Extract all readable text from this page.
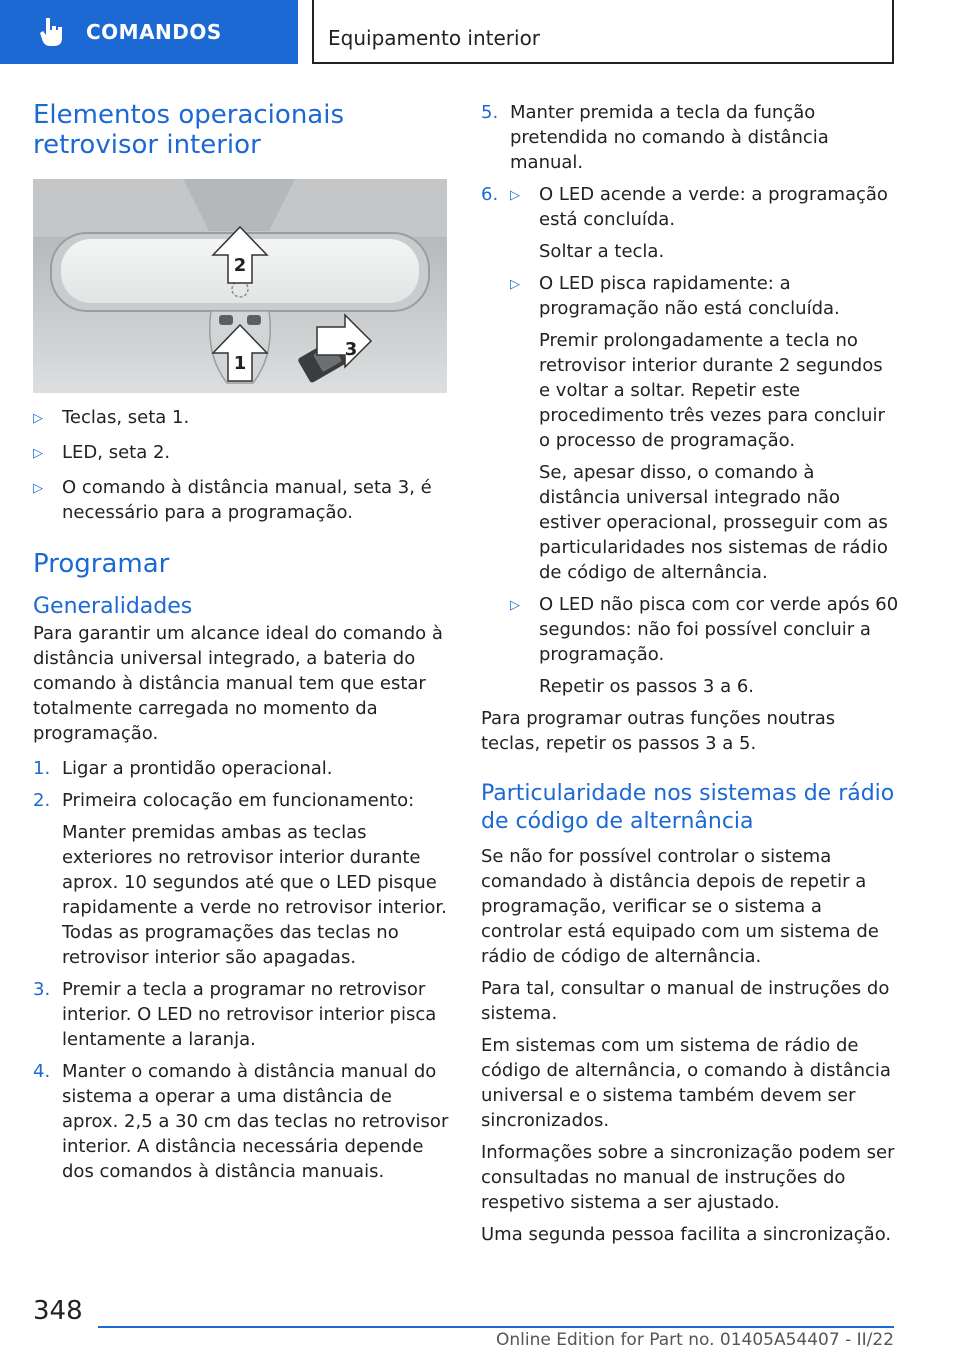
COMANDOS	Equipamento interior
Elementos operacionais retrovisor interior
2
1
3
▷	Teclas, seta 1.
▷	LED, seta 2.
▷	O comando à distância manual, seta 3, é necessário para a programação.
Programar
Generalidades

Para garantir um alcance ideal do comando à distância universal integrado, a bateria do comando à distância manual tem que estar totalmente carregada no momento da programação.

1. Ligar a prontidão operacional.
2. Primeira colocação em funcionamento:
Manter premidas ambas as teclas exteriores no retrovisor interior durante aprox. 10 segundos até que o LED pisque rapidamente a verde no retrovisor interior. Todas as programações das teclas no retrovisor interior são apagadas.
3. Premir a tecla a programar no retrovisor interior. O LED no retrovisor interior pisca lentamente a laranja.
4. Manter o comando à distância manual do sistema a operar a uma distância de aprox. 2,5 a 30 cm das teclas no retrovisor interior. A distância necessária depende dos comandos à distância manuais.
5. Manter premida a tecla da função pretendida no comando à distância manual.
6. ▷	O LED acende a verde: a programação está concluída.
Soltar a tecla.
▷	O LED pisca rapidamente: a programação não está concluída.
Premir prolongadamente a tecla no retrovisor interior durante 2 segundos e voltar a soltar. Repetir este procedimento três vezes para concluir o processo de programação.
Se, apesar disso, o comando à distância universal integrado não estiver operacional, prosseguir com as particularidades nos sistemas de rádio de código de alternância.
▷	O LED não pisca com cor verde após 60 segundos: não foi possível concluir a programação.
Repetir os passos 3 a 6.

Para programar outras funções noutras teclas, repetir os passos 3 a 5.

Particularidade nos sistemas de rádio de código de alternância

Se não for possível controlar o sistema comandado à distância depois de repetir a programação, verificar se o sistema a controlar está equipado com um sistema de rádio de código de alternância.

Para tal, consultar o manual de instruções do sistema.

Em sistemas com um sistema de rádio de código de alternância, o comando à distância universal e o sistema também devem ser sincronizados.

Informações sobre a sincronização podem ser consultadas no manual de instruções do respetivo sistema a ser ajustado.

Uma segunda pessoa facilita a sincronização.

348
Online Edition for Part no. 01405A54407 - II/22
